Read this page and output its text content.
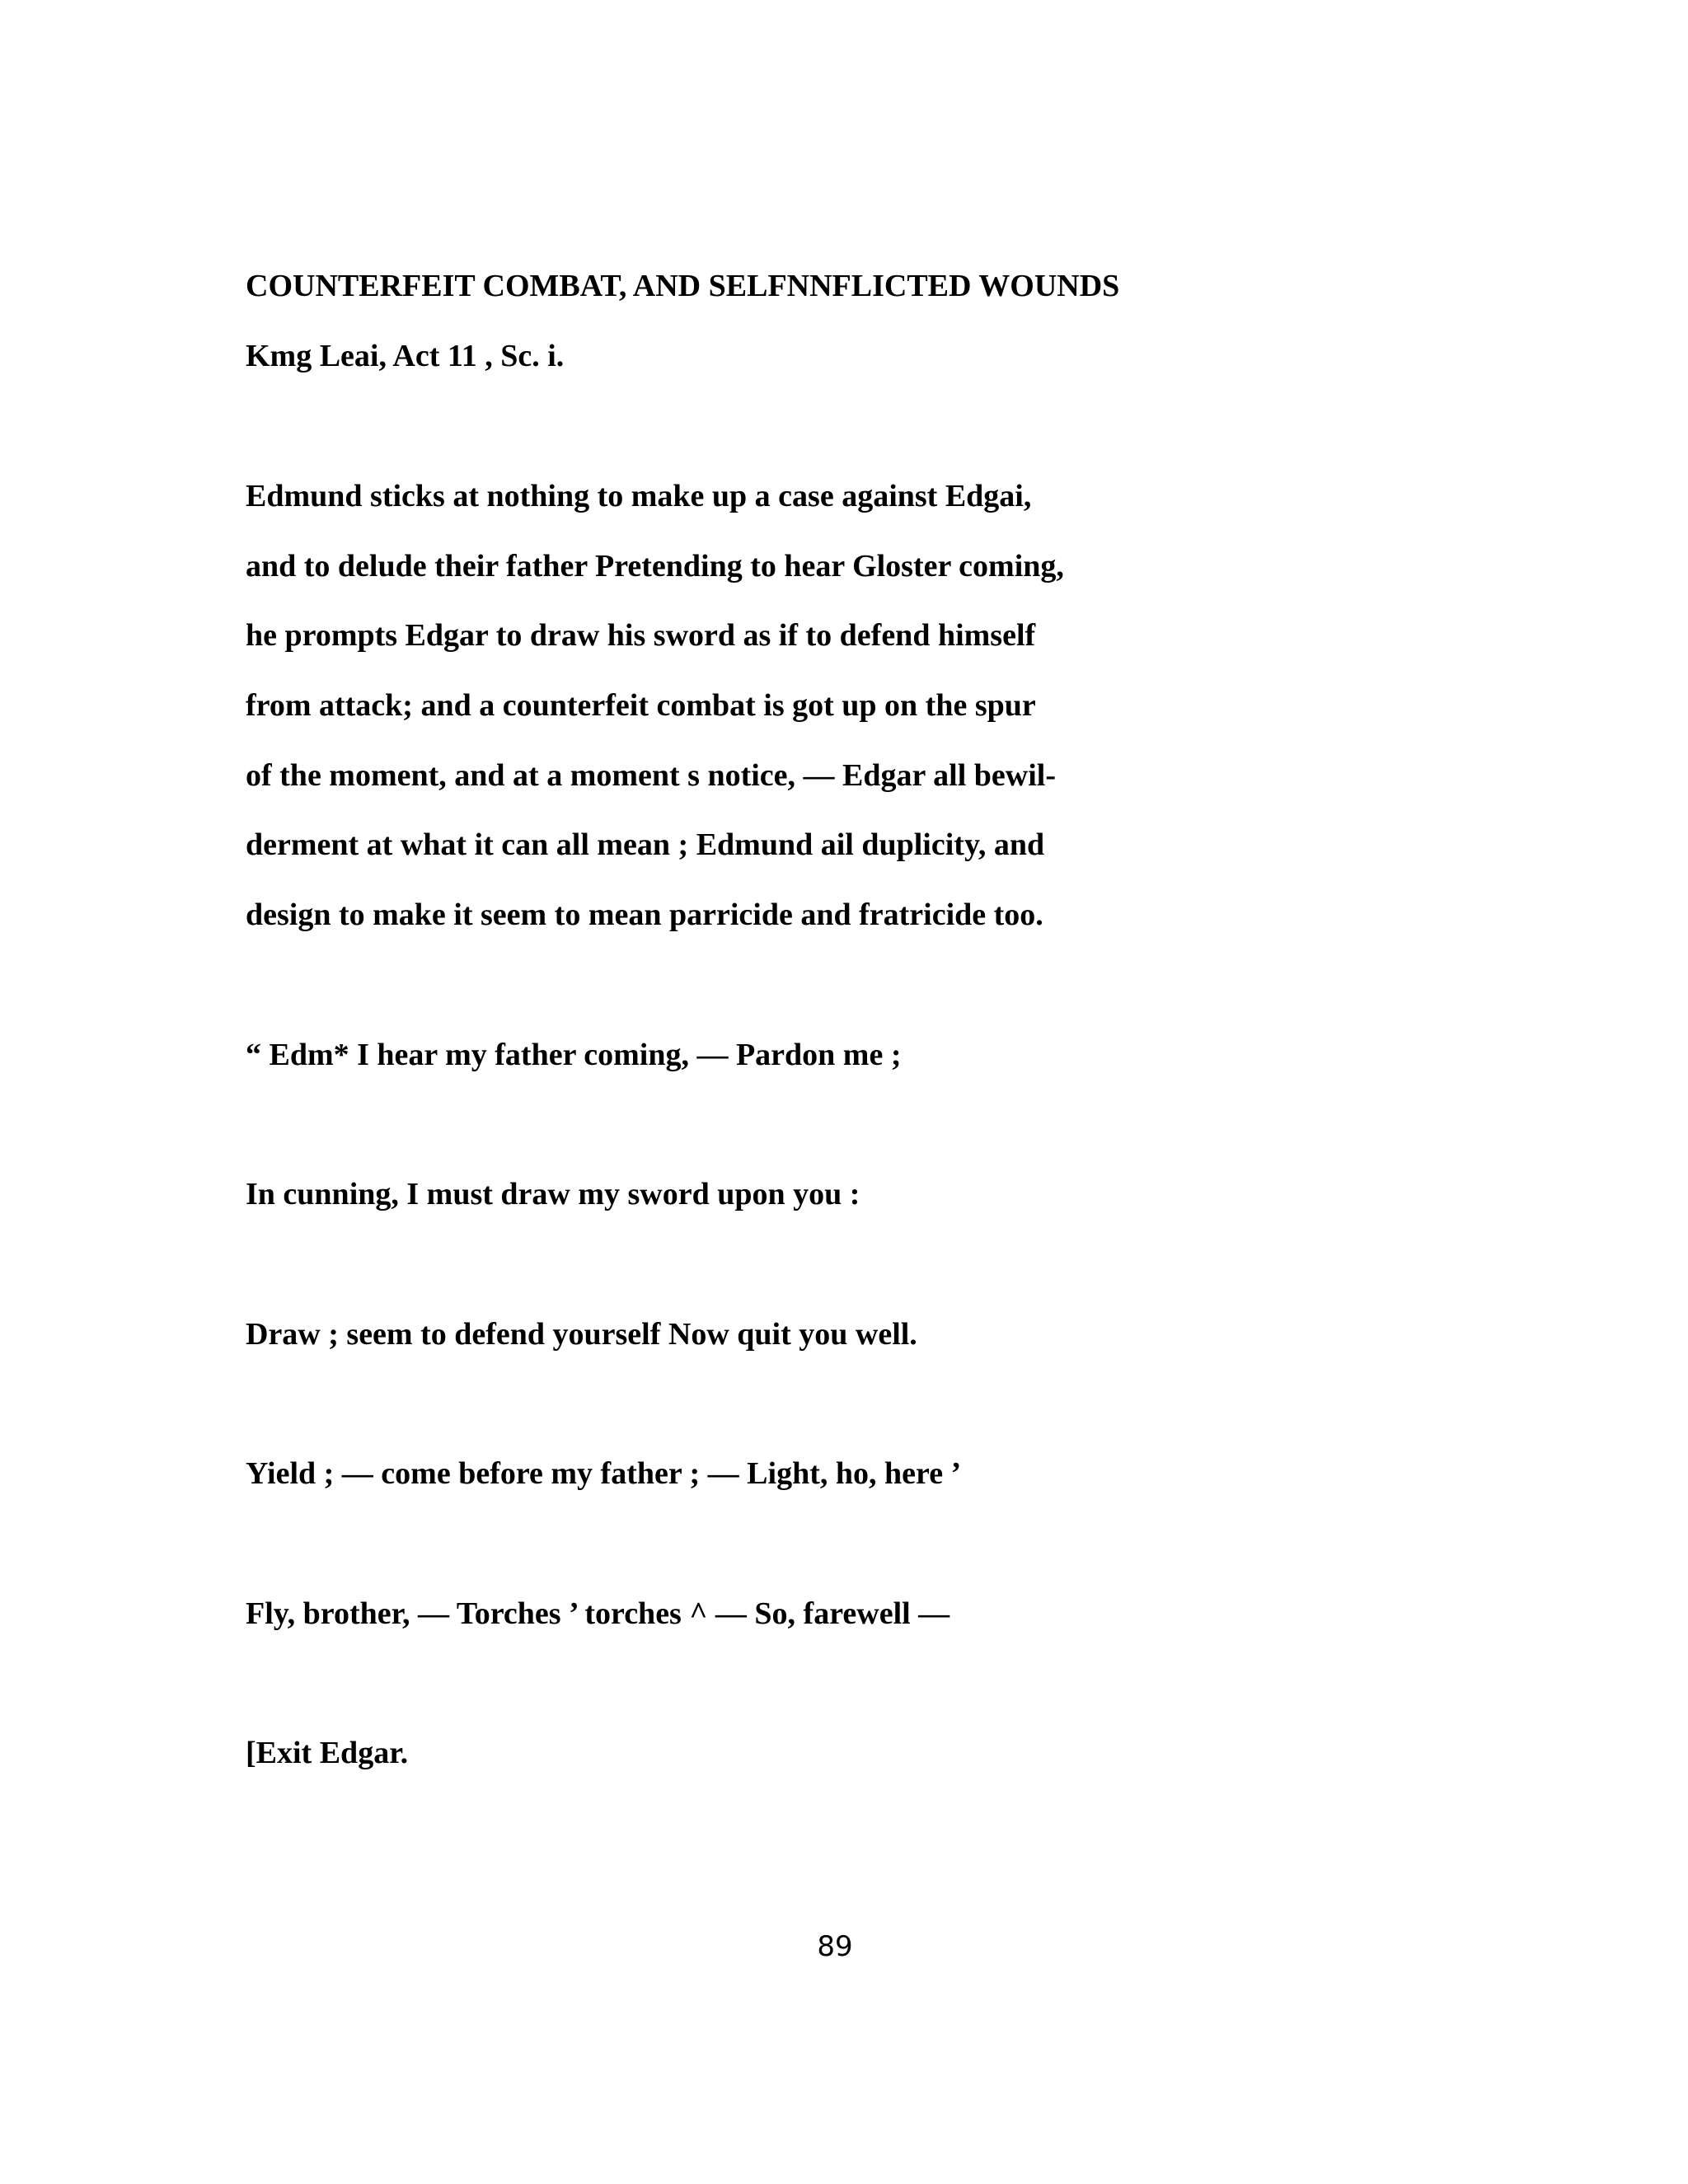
COUNTERFEIT COMBAT, AND SELFNNFLICTED WOUNDS
Kmg Leai, Act 11 , Sc. i.
Edmund sticks at nothing to make up a case against Edgai,
and to delude their father Pretending to hear Gloster coming,
he prompts Edgar to draw his sword as if to defend himself
from attack; and a counterfeit combat is got up on the spur
of the moment, and at a moment s notice, — Edgar all bewil-
derment at what it can all mean ; Edmund ail duplicity, and
design to make it seem to mean parricide and fratricide too.
“ Edm* I hear my father coming, — Pardon me ;
In cunning, I must draw my sword upon you :
Draw ; seem to defend yourself Now quit you well.
Yield ; — come before my father ; — Light, ho, here ’
Fly, brother, — Torches ’ torches ^ — So, farewell —
[Exit Edgar.
89
